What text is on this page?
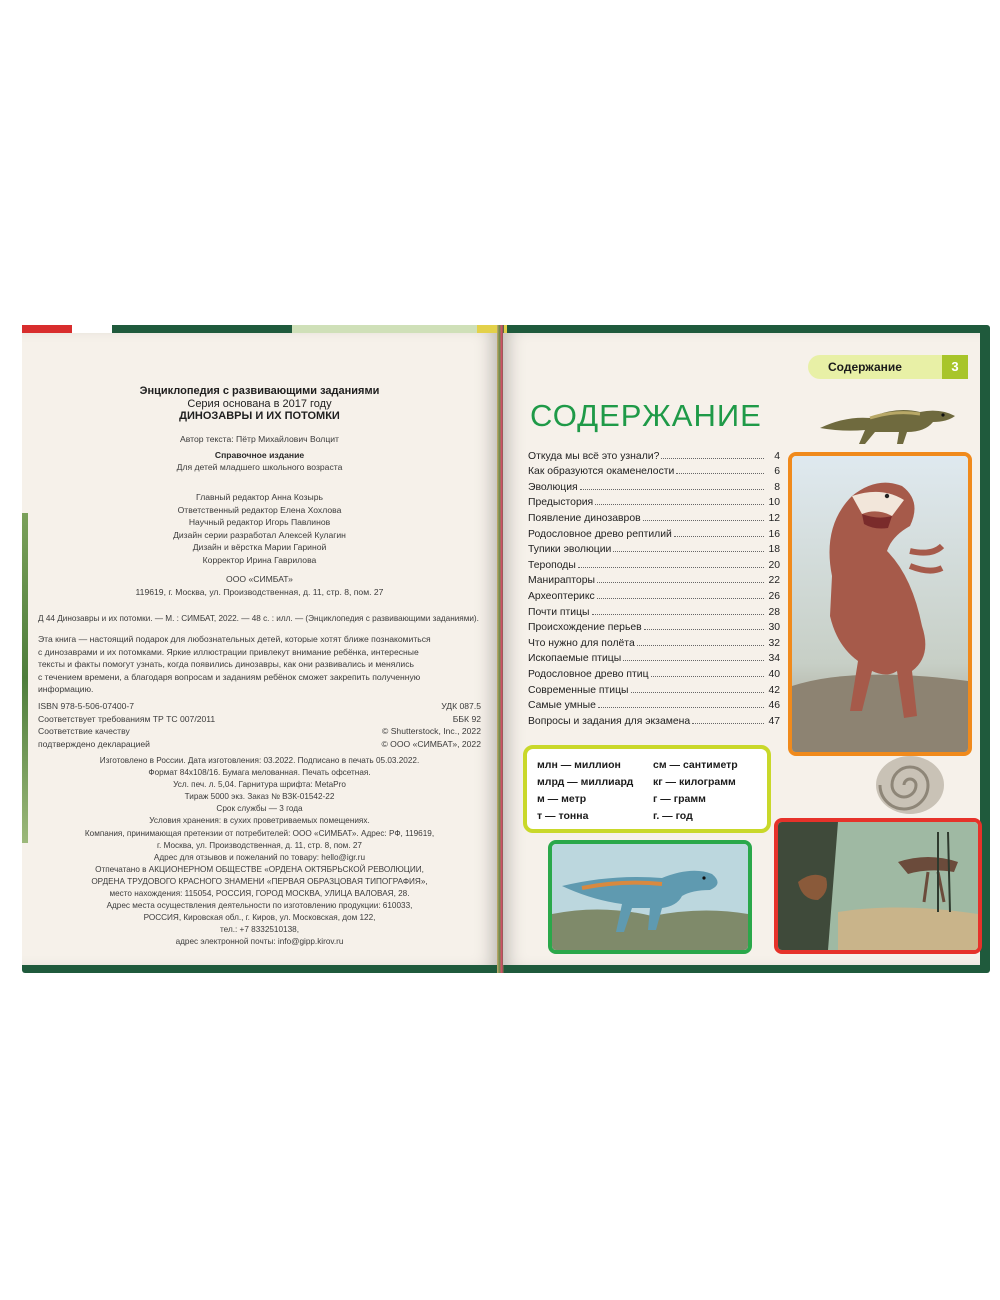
Энциклопедия с развивающими заданиями
Серия основана в 2017 году
ДИНОЗАВРЫ И ИХ ПОТОМКИ
Автор текста: Пётр Михайлович Волцит
Справочное издание
Для детей младшего школьного возраста
Главный редактор Анна Козырь
Ответственный редактор Елена Хохлова
Научный редактор Игорь Павлинов
Дизайн серии разработал Алексей Кулагин
Дизайн и вёрстка Марии Гариной
Корректор Ирина Гаврилова
ООО «СИМБАТ»
119619, г. Москва, ул. Производственная, д. 11, стр. 8, пом. 27
Д 44 Динозавры и их потомки. — М. : СИМБАТ, 2022. — 48 с. : илл. — (Энциклопедия с развивающими заданиями).
Эта книга — настоящий подарок для любознательных детей, которые хотят ближе познакомиться
с динозаврами и их потомками. Яркие иллюстрации привлекут внимание ребёнка, интересные
тексты и факты помогут узнать, когда появились динозавры, как они развивались и менялись
с течением времени, а благодаря вопросам и заданиям ребёнок сможет закрепить полученную
информацию.
ISBN 978-5-506-07400-7	УДК 087.5
Соответствует требованиям ТР ТС 007/2011	ББК 92
Соответствие качеству	© Shutterstock, Inc., 2022
подтверждено декларацией	© ООО «СИМБАТ», 2022
Изготовлено в России. Дата изготовления: 03.2022. Подписано в печать 05.03.2022.
Формат 84х108/16. Бумага мелованная. Печать офсетная.
Усл. печ. л. 5,04. Гарнитура шрифта: MetaPro
Тираж 5000 экз. Заказ № ВЗК-01542-22
Срок службы — 3 года
Условия хранения: в сухих проветриваемых помещениях.
Компания, принимающая претензии от потребителей: ООО «СИМБАТ». Адрес: РФ, 119619,
г. Москва, ул. Производственная, д. 11, стр. 8, пом. 27
Адрес для отзывов и пожеланий по товару: hello@igr.ru
Отпечатано в АКЦИОНЕРНОМ ОБЩЕСТВЕ «ОРДЕНА ОКТЯБРЬСКОЙ РЕВОЛЮЦИИ,
ОРДЕНА ТРУДОВОГО КРАСНОГО ЗНАМЕНИ «ПЕРВАЯ ОБРАЗЦОВАЯ ТИПОГРАФИЯ»,
место нахождения: 115054, РОССИЯ, ГОРОД МОСКВА, УЛИЦА ВАЛОВАЯ, 28.
Адрес места осуществления деятельности по изготовлению продукции: 610033,
РОССИЯ, Кировская обл., г. Киров, ул. Московская, дом 122,
тел.: +7 8332510138,
адрес электронной почты: info@gipp.kirov.ru
Содержание	3
СОДЕРЖАНИЕ
Откуда мы всё это узнали?	4
Как образуются окаменелости	6
Эволюция	8
Предыстория	10
Появление динозавров	12
Родословное древо рептилий	16
Тупики эволюции	18
Тероподы	20
Манирапторы	22
Археоптерикс	26
Почти птицы	28
Происхождение перьев	30
Что нужно для полёта	32
Ископаемые птицы	34
Родословное древо птиц	40
Современные птицы	42
Самые умные	46
Вопросы и задания для экзамена	47
млн — миллион
млрд — миллиард
м — метр
т — тонна
см — сантиметр
кг — килограмм
г — грамм
г. — год
